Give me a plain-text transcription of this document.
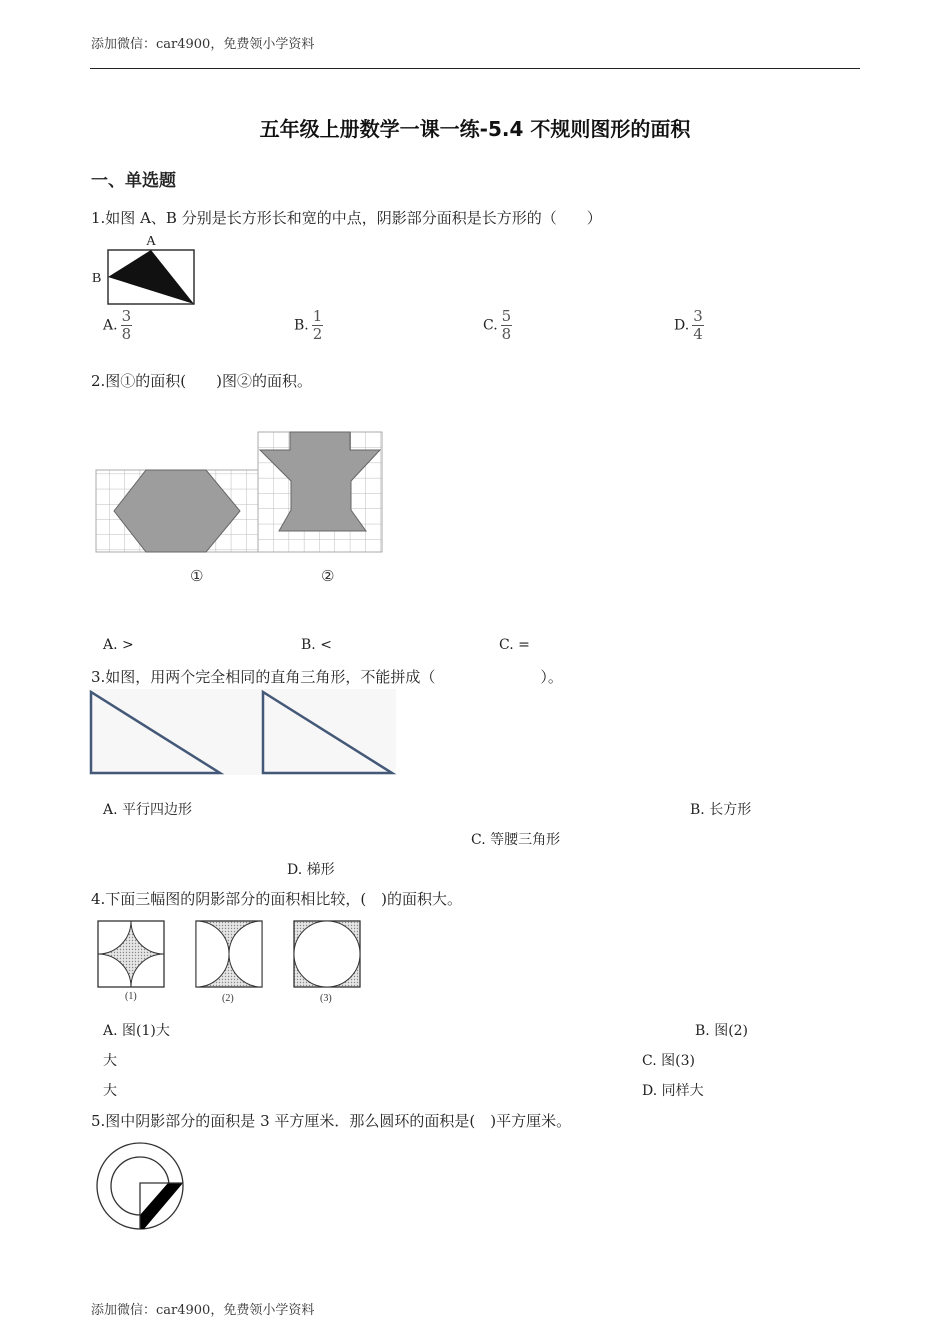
添加微信：car4900，免费领小学资料
五年级上册数学一课一练-5.4 不规则图形的面积
一、单选题
1.如图 A、B 分别是长方形长和宽的中点，阴影部分面积是长方形的（　　）
A
B
A. $\frac{3}{8}$	B. $\frac{1}{2}$	C. $\frac{5}{8}$	D. $\frac{3}{4}$
2.图①的面积(　　)图②的面积。
①	②
A. >	B. <	C. =
3.如图，用两个完全相同的直角三角形，不能拼成（　　　　　　　）。
A. 平行四边形	B. 长方形
C. 等腰三角形
D. 梯形
4.下面三幅图的阴影部分的面积相比较，(　)的面积大。
(1)	(2)	(3)
A. 图(1)大	B. 图(2)
大	C. 图(3)
大	D. 同样大
5.图中阴影部分的面积是 3 平方厘米．那么圆环的面积是(　)平方厘米。
添加微信：car4900，免费领小学资料
